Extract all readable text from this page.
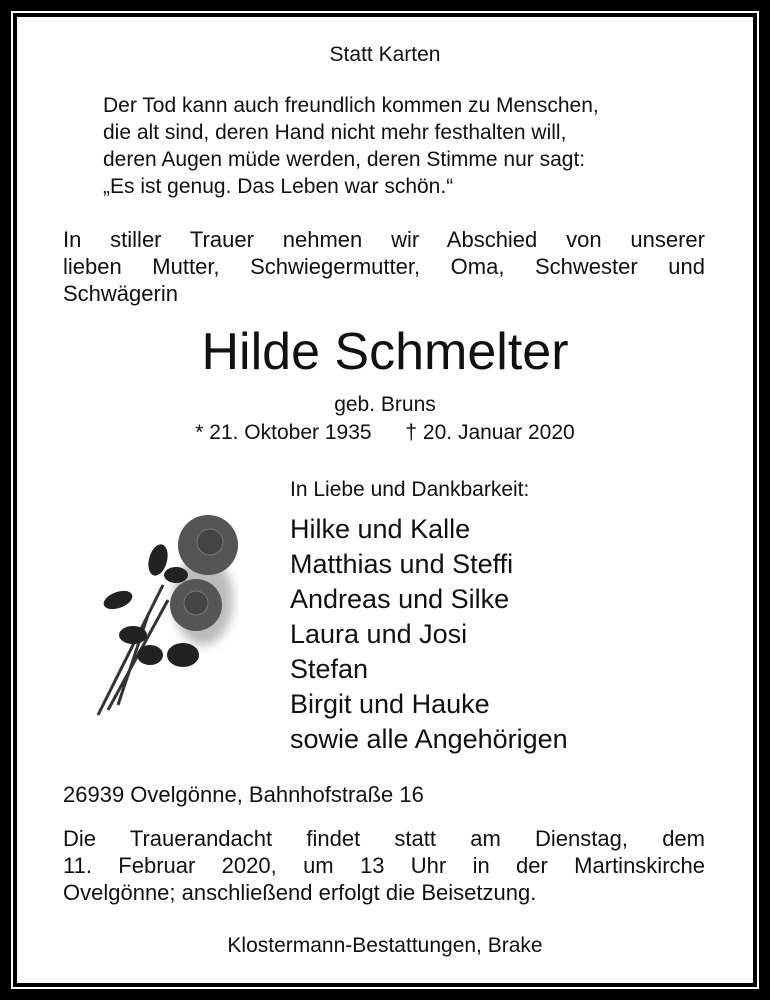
Statt Karten
Der Tod kann auch freundlich kommen zu Menschen,
die alt sind, deren Hand nicht mehr festhalten will,
deren Augen müde werden, deren Stimme nur sagt:
„Es ist genug. Das Leben war schön.“
In stiller Trauer nehmen wir Abschied von unserer
lieben Mutter, Schwiegermutter, Oma, Schwester und
Schwägerin
Hilde Schmelter
geb. Bruns
* 21. Oktober 1935 † 20. Januar 2020
In Liebe und Dankbarkeit:
Hilke und Kalle
Matthias und Steffi
Andreas und Silke
Laura und Josi
Stefan
Birgit und Hauke
sowie alle Angehörigen
26939 Ovelgönne, Bahnhofstraße 16
Die Trauerandacht findet statt am Dienstag, dem
11. Februar 2020, um 13 Uhr in der Martinskirche
Ovelgönne; anschließend erfolgt die Beisetzung.
Klostermann-Bestattungen, Brake
